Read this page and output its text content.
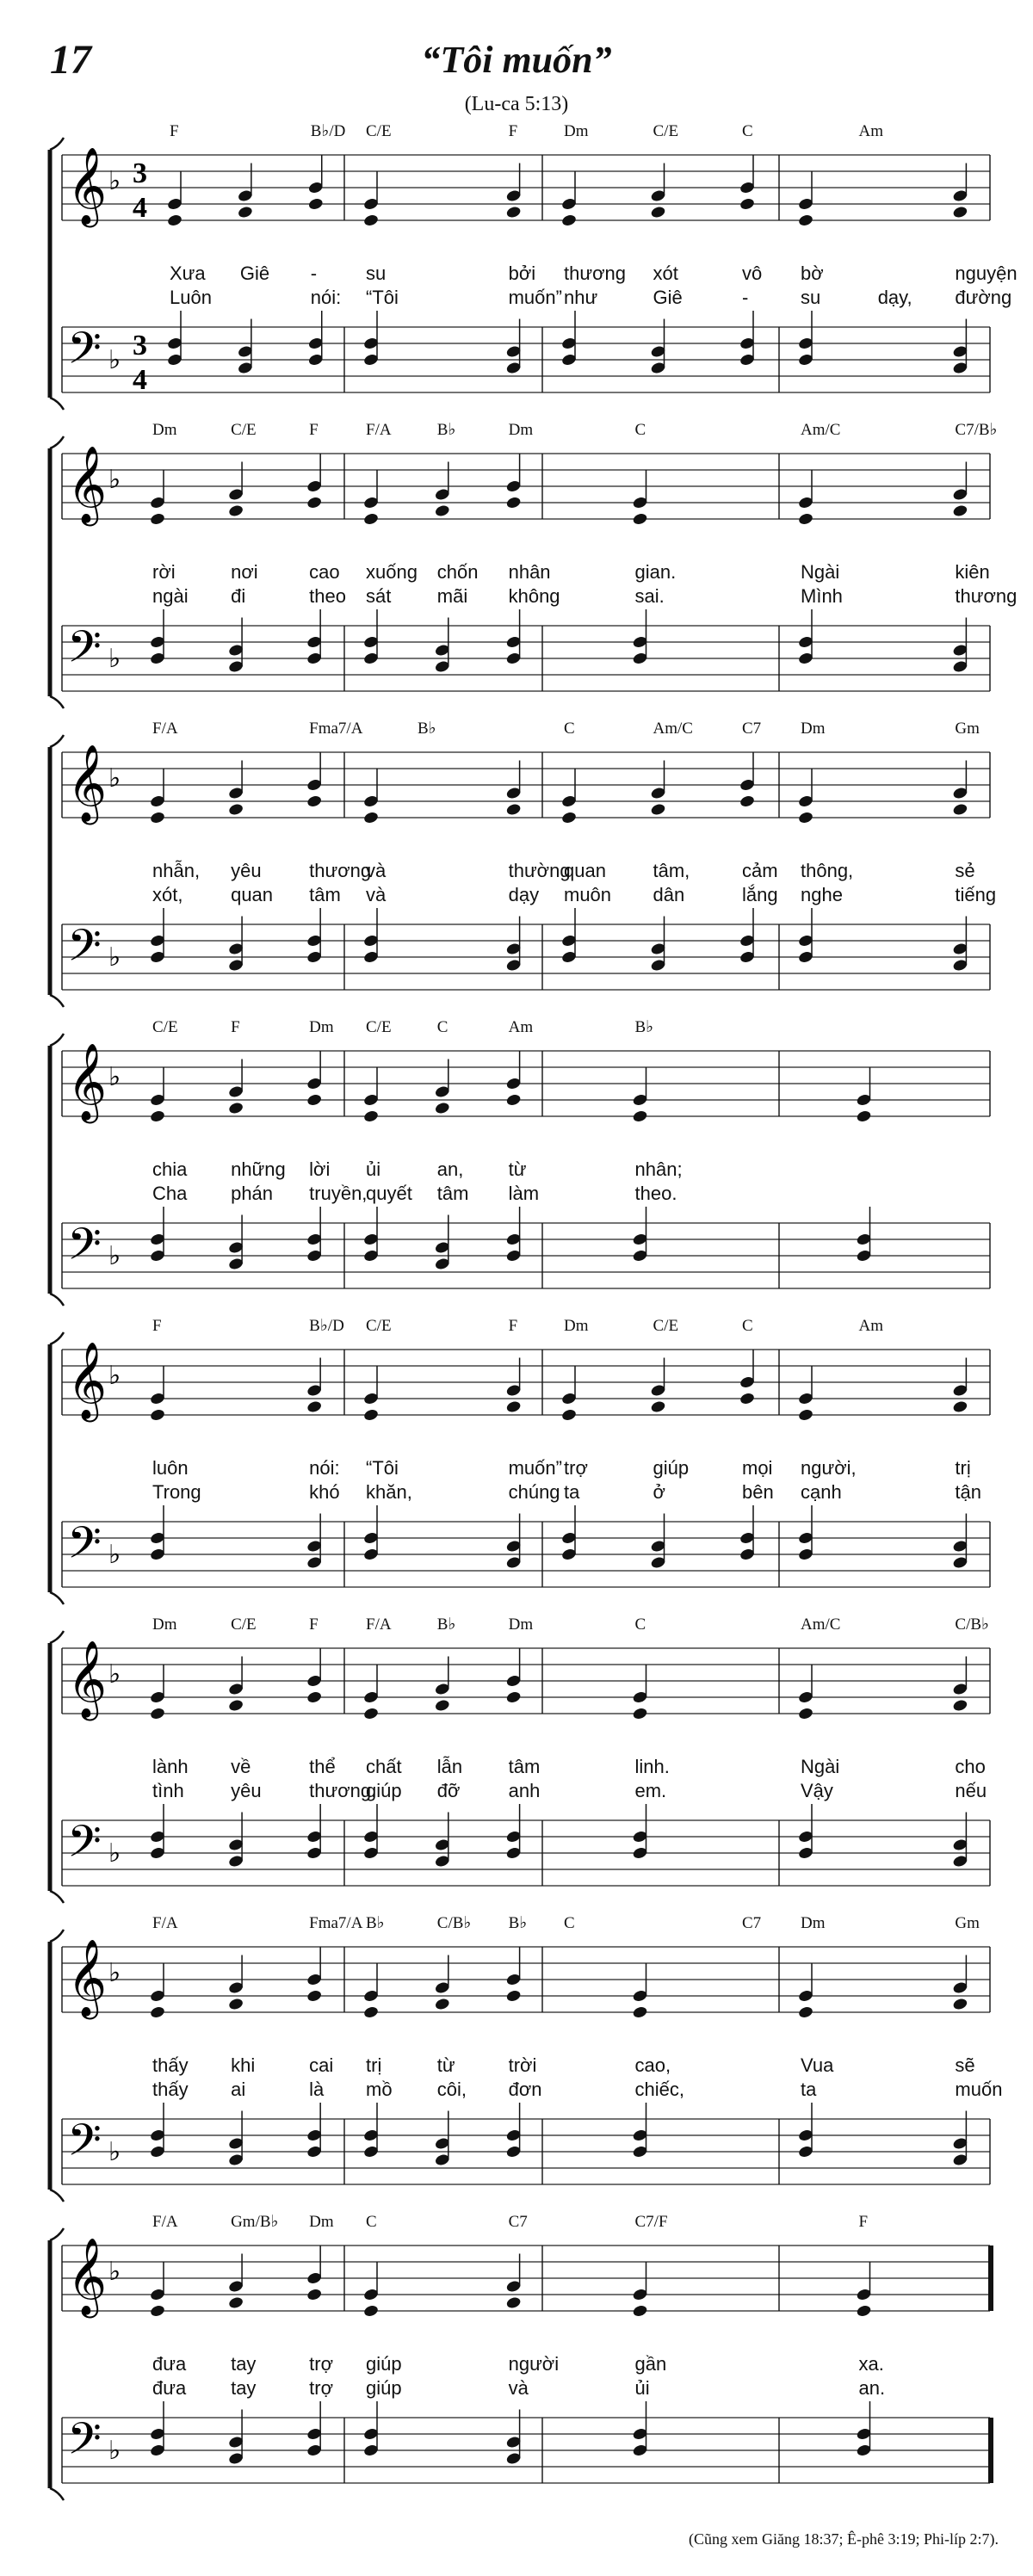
17	“Tôi muốn”
(Lu-ca 5:13)
𝄞
𝄢
♭
♭
3
4
3
4
F	B♭/D
Xưa Giê -
Luôn	nói:
C/E	F
su	bởi
“Tôi	muốn”
Dm	C/E	C
thương xót	vô
như	Giê	-
Am
bờ	nguyện
su	dạy, đường
𝄞
𝄢
♭
♭
Dm	C/E	F
rời	nơi	cao
ngài đi	theo
F/A	B♭	Dm
xuống chốn nhân
sát mãi không
C
gian.
sai.
Am/C	C7/B♭
Ngài	kiên
Mình	thương
𝄞
𝄢
♭
♭
F/A	Fma7/A
nhẫn, yêu	thương
xót,	quan tâm
B♭
và	thường
và	dạy
C	Am/C	C7
quan tâm,	cảm
muôn dân	lắng
Dm	Gm
thông,	sẻ
nghe	tiếng
𝄞
𝄢
♭
♭
C/E	F	Dm
chia những lời
Cha phán truyền,
C/E	C	Am
ủi	an, từ
quyết tâm làm
B♭
nhân;
theo.
𝄞
𝄢
♭
♭
F	B♭/D
luôn	nói:
Trong	khó
C/E	F
“Tôi	muốn”
khăn,	chúng
Dm	C/E	C
trợ	giúp	mọi
ta	ở	bên
Am
người,	trị
cạnh	tận
𝄞
𝄢
♭
♭
Dm	C/E	F
lành về	thể
tình yêu	thương,
F/A	B♭	Dm
chất lẫn tâm
giúp đỡ	anh
C
linh.
em.
Am/C	C/B♭
Ngài	cho
Vậy	nếu
𝄞
𝄢
♭
♭
F/A	Fma7/A
thấy khi	cai
thấy ai	là
B♭	C/B♭ B♭
trị	từ	trời
mồ côi, đơn
C	C7
cao,
chiếc,
Dm	Gm
Vua	sẽ
ta	muốn
𝄞
𝄢
♭
♭
F/A	Gm/B♭ Dm
đưa tay	trợ
đưa tay	trợ
C	C7
giúp	người
giúp	và
C7/F
gần
ủi
F
xa.
an.
(Cũng xem Giăng 18:37; Ê-phê 3:19; Phi-líp 2:7).
